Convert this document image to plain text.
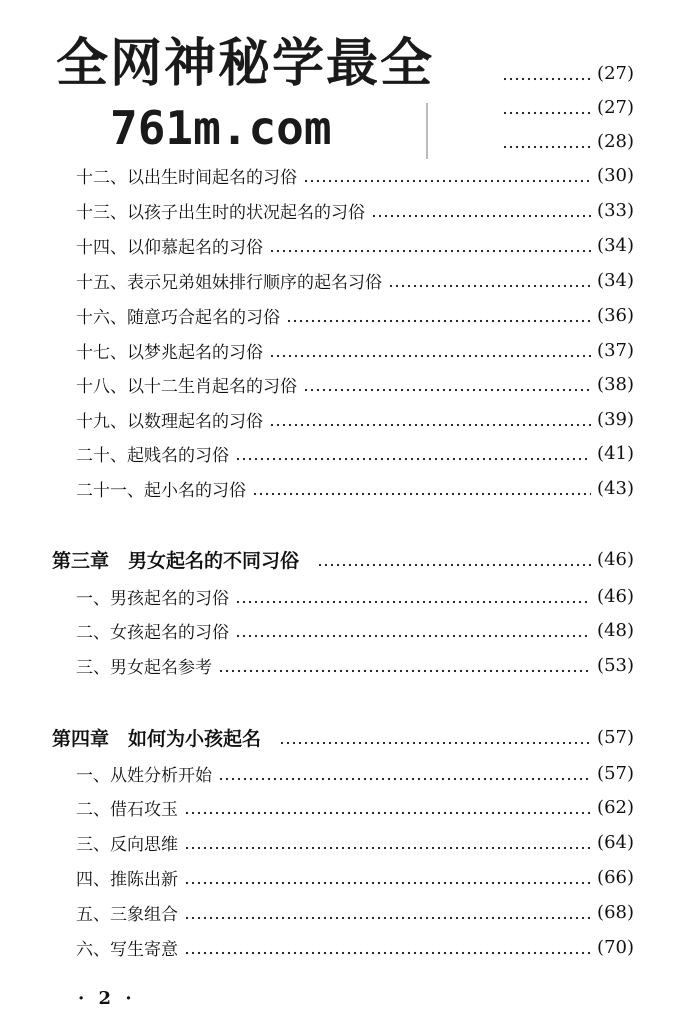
全网神秘学最全
761m.com
(27)
(27)
(28)
十二、以出生时间起名的习俗	(30)
十三、以孩子出生时的状况起名的习俗	(33)
十四、以仰慕起名的习俗	(34)
十五、表示兄弟姐妹排行顺序的起名习俗	(34)
十六、随意巧合起名的习俗	(36)
十七、以梦兆起名的习俗	(37)
十八、以十二生肖起名的习俗	(38)
十九、以数理起名的习俗	(39)
二十、起贱名的习俗	(41)
二十一、起小名的习俗	(43)
第三章　男女起名的不同习俗	(46)
一、男孩起名的习俗	(46)
二、女孩起名的习俗	(48)
三、男女起名参考	(53)
第四章　如何为小孩起名	(57)
一、从姓分析开始	(57)
二、借石攻玉	(62)
三、反向思维	(64)
四、推陈出新	(66)
五、三象组合	(68)
六、写生寄意	(70)
· 2 ·
